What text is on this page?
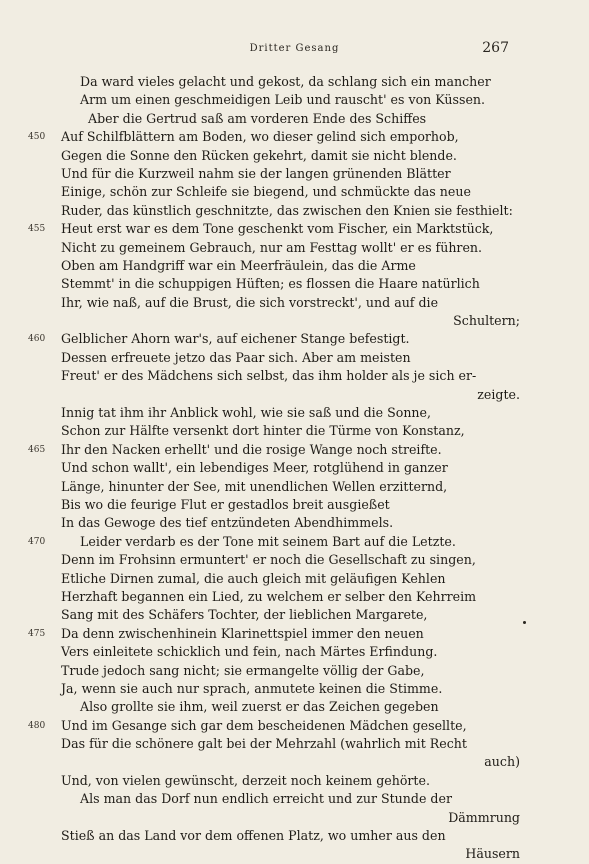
Dritter Gesang	267
Da ward vieles gelacht und gekost, da schlang sich ein mancher
Arm um einen geschmeidigen Leib und rauscht' es von Küssen.
Aber die Gertrud saß am vorderen Ende des Schiffes
450	Auf Schilfblättern am Boden, wo dieser gelind sich emporhob,
Gegen die Sonne den Rücken gekehrt, damit sie nicht blende.
Und für die Kurzweil nahm sie der langen grünenden Blätter
Einige, schön zur Schleife sie biegend, und schmückte das neue
Ruder, das künstlich geschnitzte, das zwischen den Knien sie festhielt:
455	Heut erst war es dem Tone geschenkt vom Fischer, ein Marktstück,
Nicht zu gemeinem Gebrauch, nur am Festtag wollt' er es führen.
Oben am Handgriff war ein Meerfräulein, das die Arme
Stemmt' in die schuppigen Hüften; es flossen die Haare natürlich
Ihr, wie naß, auf die Brust, die sich vorstreckt', und auf die
Schultern;
460	Gelblicher Ahorn war's, auf eichener Stange befestigt.
Dessen erfreuete jetzo das Paar sich. Aber am meisten
Freut' er des Mädchens sich selbst, das ihm holder als je sich er-
zeigte.
Innig tat ihm ihr Anblick wohl, wie sie saß und die Sonne,
Schon zur Hälfte versenkt dort hinter die Türme von Konstanz,
465	Ihr den Nacken erhellt' und die rosige Wange noch streifte.
Und schon wallt', ein lebendiges Meer, rotglühend in ganzer
Länge, hinunter der See, mit unendlichen Wellen erzitternd,
Bis wo die feurige Flut er gestadlos breit ausgießet
In das Gewoge des tief entzündeten Abendhimmels.
470	Leider verdarb es der Tone mit seinem Bart auf die Letzte.
Denn im Frohsinn ermuntert' er noch die Gesellschaft zu singen,
Etliche Dirnen zumal, die auch gleich mit geläufigen Kehlen
Herzhaft begannen ein Lied, zu welchem er selber den Kehrreim
Sang mit des Schäfers Tochter, der lieblichen Margarete,
475	Da denn zwischenhinein Klarinettspiel immer den neuen
Vers einleitete schicklich und fein, nach Märtes Erfindung.
Trude jedoch sang nicht; sie ermangelte völlig der Gabe,
Ja, wenn sie auch nur sprach, anmutete keinen die Stimme.
Also grollte sie ihm, weil zuerst er das Zeichen gegeben
480	Und im Gesange sich gar dem bescheidenen Mädchen gesellte,
Das für die schönere galt bei der Mehrzahl (wahrlich mit Recht
auch)
Und, von vielen gewünscht, derzeit noch keinem gehörte.
Als man das Dorf nun endlich erreicht und zur Stunde der
Dämmrung
Stieß an das Land vor dem offenen Platz, wo umher aus den
Häusern
